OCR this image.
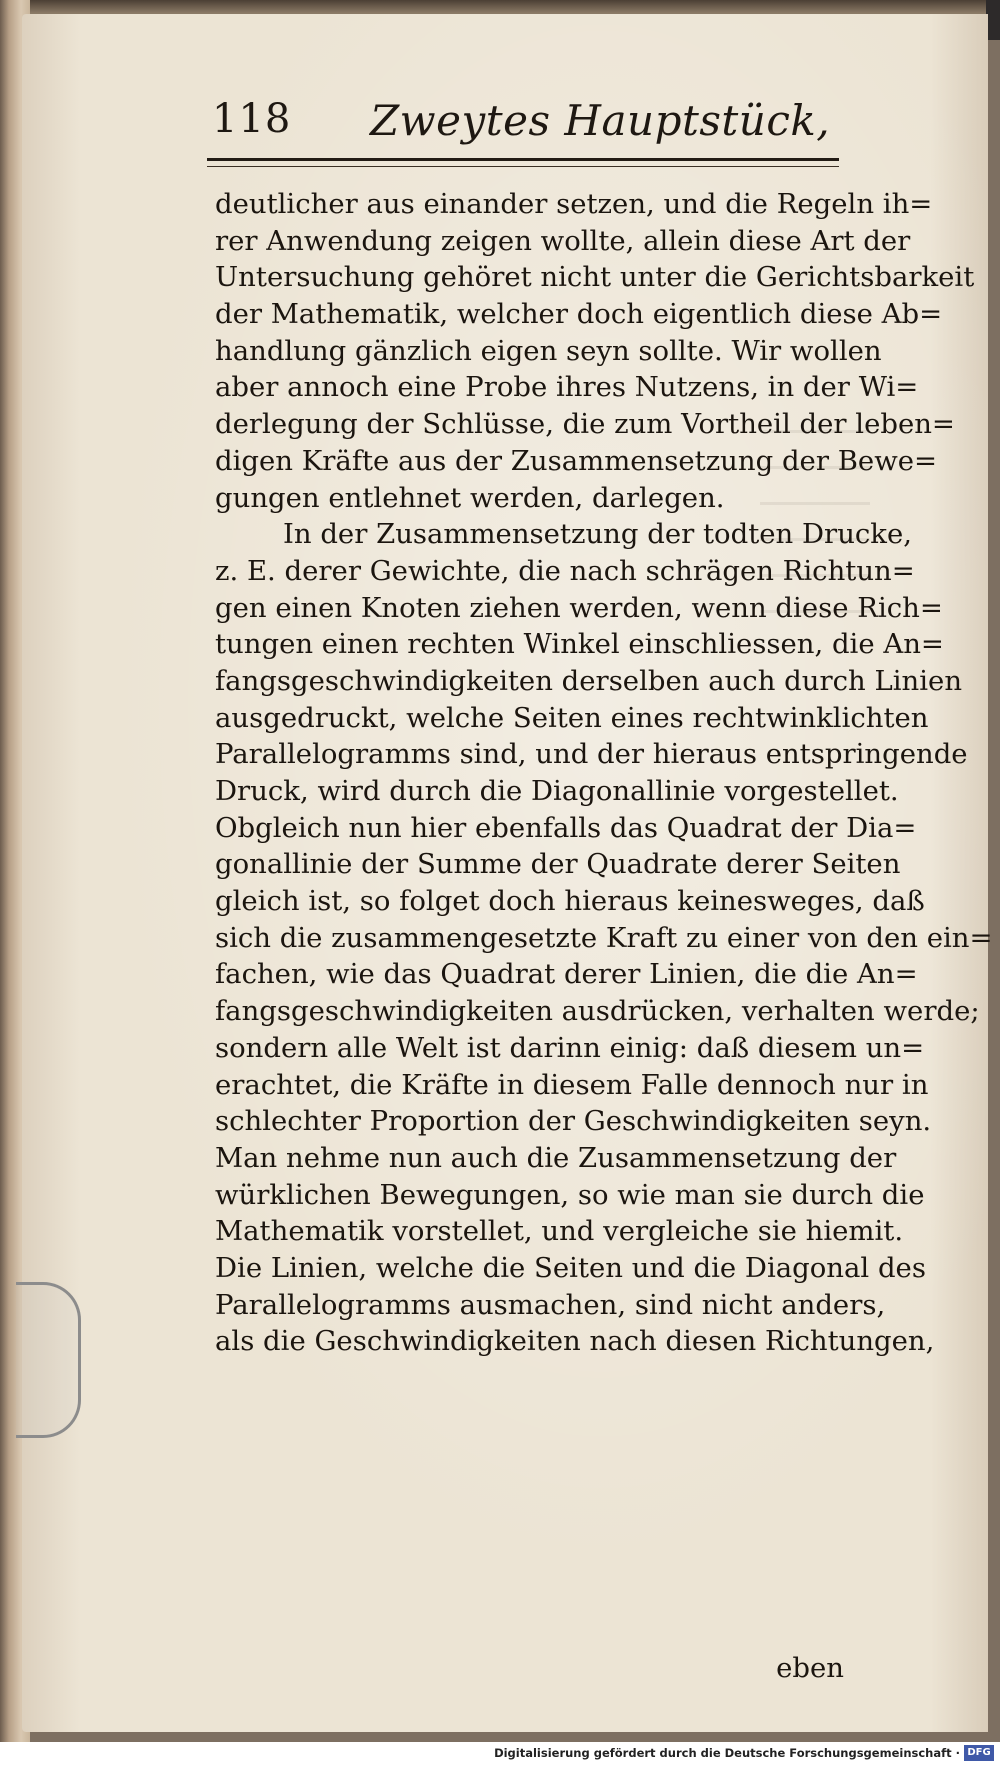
118 Zweytes Hauptstück,
deutlicher aus einander setzen, und die Regeln ih=
rer Anwendung zeigen wollte, allein diese Art der
Untersuchung gehöret nicht unter die Gerichtsbarkeit
der Mathematik, welcher doch eigentlich diese Ab=
handlung gänzlich eigen seyn sollte. Wir wollen
aber annoch eine Probe ihres Nutzens, in der Wi=
derlegung der Schlüsse, die zum Vortheil der leben=
digen Kräfte aus der Zusammensetzung der Bewe=
gungen entlehnet werden, darlegen.
In der Zusammensetzung der todten Drucke,
z. E. derer Gewichte, die nach schrägen Richtun=
gen einen Knoten ziehen werden, wenn diese Rich=
tungen einen rechten Winkel einschliessen, die An=
fangsgeschwindigkeiten derselben auch durch Linien
ausgedruckt, welche Seiten eines rechtwinklichten
Parallelogramms sind, und der hieraus entspringende
Druck, wird durch die Diagonallinie vorgestellet.
Obgleich nun hier ebenfalls das Quadrat der Dia=
gonallinie der Summe der Quadrate derer Seiten
gleich ist, so folget doch hieraus keinesweges, daß
sich die zusammengesetzte Kraft zu einer von den ein=
fachen, wie das Quadrat derer Linien, die die An=
fangsgeschwindigkeiten ausdrücken, verhalten werde;
sondern alle Welt ist darinn einig: daß diesem un=
erachtet, die Kräfte in diesem Falle dennoch nur in
schlechter Proportion der Geschwindigkeiten seyn.
Man nehme nun auch die Zusammensetzung der
würklichen Bewegungen, so wie man sie durch die
Mathematik vorstellet, und vergleiche sie hiemit.
Die Linien, welche die Seiten und die Diagonal des
Parallelogramms ausmachen, sind nicht anders,
als die Geschwindigkeiten nach diesen Richtungen,
eben
Digitalisierung gefördert durch die Deutsche Forschungsgemeinschaft · DFG
